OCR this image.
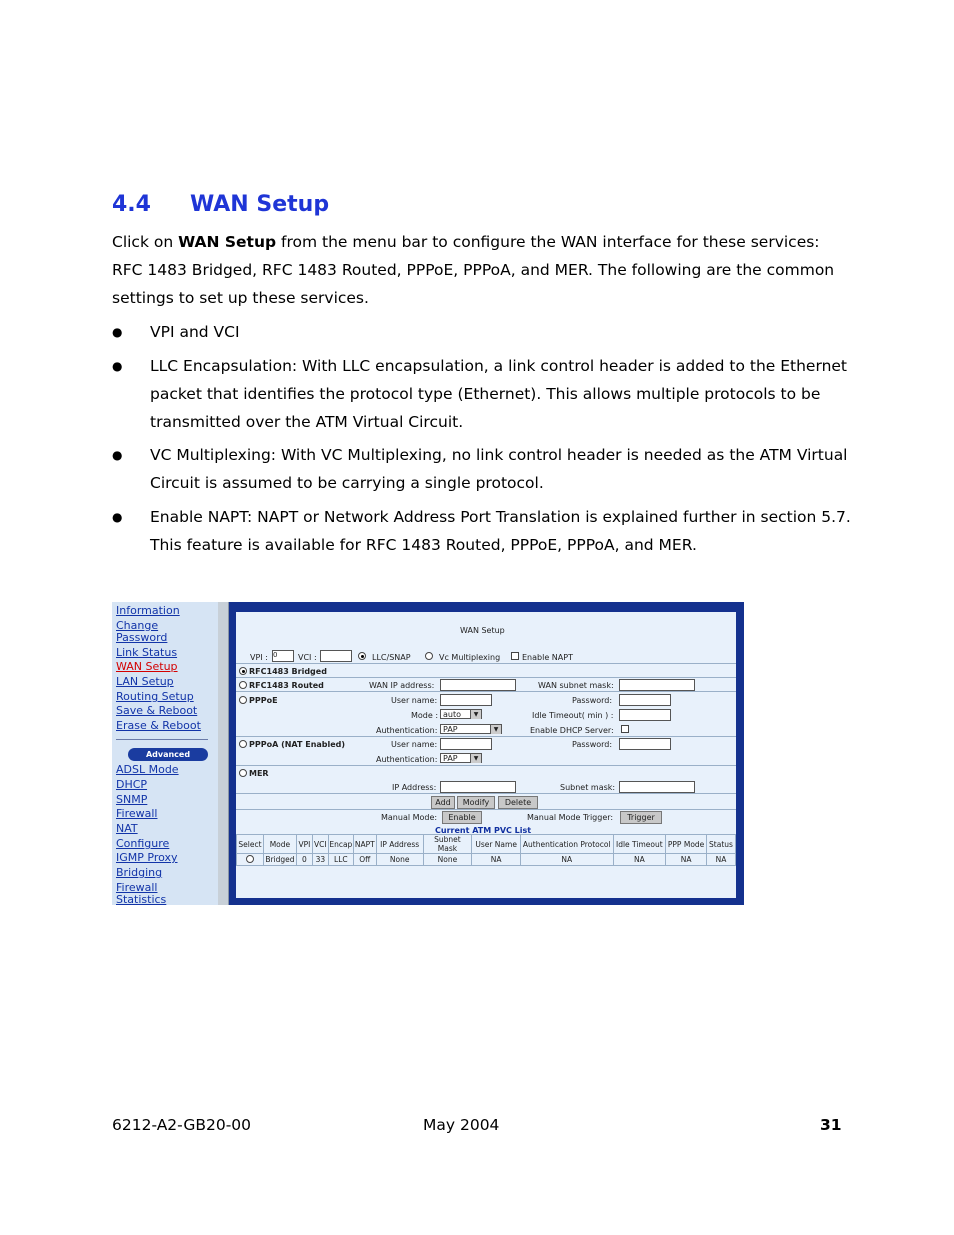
4.4 WAN Setup
Click on WAN Setup from the menu bar to configure the WAN interface for these services: RFC 1483 Bridged, RFC 1483 Routed, PPPoE, PPPoA, and MER. The following are the common settings to set up these services.
● VPI and VCI
● LLC Encapsulation: With LLC encapsulation, a link control header is added to the Ethernet packet that identifies the protocol type (Ethernet). This allows multiple protocols to be transmitted over the ATM Virtual Circuit.
● VC Multiplexing: With VC Multiplexing, no link control header is needed as the ATM Virtual Circuit is assumed to be carrying a single protocol.
● Enable NAPT: NAPT or Network Address Port Translation is explained further in section 5.7. This feature is available for RFC 1483 Routed, PPPoE, PPPoA, and MER.
Information
Change
Password
Link Status
WAN Setup
LAN Setup
Routing Setup
Save & Reboot
Erase & Reboot
Advanced
ADSL Mode
DHCP
SNMP
Firewall
NAT
Configure
IGMP Proxy
Bridging
Firewall
Statistics
WAN Setup
VPI : 0	VCI :	LLC/SNAP	Vc Multiplexing	Enable NAPT
RFC1483 Bridged
RFC1483 Routed	WAN IP address:	WAN subnet mask:
PPPoE	User name:	Password:
Mode : auto	▼	Idle Timeout( min ) :
Authentication: PAP	▼	Enable DHCP Server:
PPPoA (NAT Enabled)	User name:	Password:
Authentication: PAP	▼
MER
IP Address:	Subnet mask:
Add	Modify	Delete
Manual Mode:	Enable	Manual Mode Trigger:	Trigger
Current ATM PVC List
Select	Mode	VPI	VCI	Encap	NAPT	IP Address	Subnet Mask	User Name	Authentication Protocol	Idle Timeout	PPP Mode	Status
	Bridged	0	33	LLC	Off	None	None	NA	NA	NA	NA	NA
6212-A2-GB20-00	May 2004	31
